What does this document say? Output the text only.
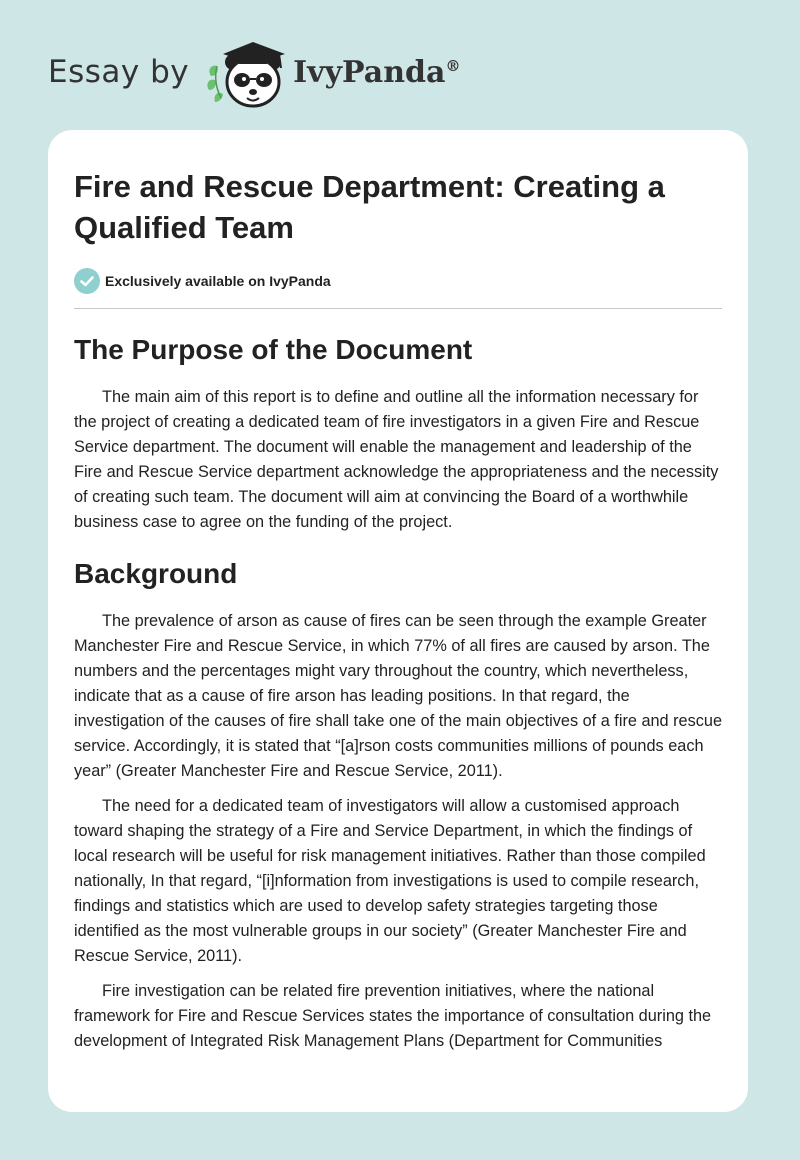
Essay by	IvyPanda®
Fire and Rescue Department: Creating a Qualified Team
Exclusively available on IvyPanda
The Purpose of the Document

The main aim of this report is to define and outline all the information necessary for the project of creating a dedicated team of fire investigators in a given Fire and Rescue Service department. The document will enable the management and leadership of the Fire and Rescue Service department acknowledge the appropriateness and the necessity of creating such team. The document will aim at convincing the Board of a worthwhile business case to agree on the funding of the project.

Background

The prevalence of arson as cause of fires can be seen through the example Greater Manchester Fire and Rescue Service, in which 77% of all fires are caused by arson. The numbers and the percentages might vary throughout the country, which nevertheless, indicate that as a cause of fire arson has leading positions. In that regard, the investigation of the causes of fire shall take one of the main objectives of a fire and rescue service. Accordingly, it is stated that “[a]rson costs communities millions of pounds each year” (Greater Manchester Fire and Rescue Service, 2011).

The need for a dedicated team of investigators will allow a customised approach toward shaping the strategy of a Fire and Service Department, in which the findings of local research will be useful for risk management initiatives. Rather than those compiled nationally, In that regard, “[i]nformation from investigations is used to compile research, findings and statistics which are used to develop safety strategies targeting those identified as the most vulnerable groups in our society” (Greater Manchester Fire and Rescue Service, 2011).

Fire investigation can be related fire prevention initiatives, where the national framework for Fire and Rescue Services states the importance of consultation during the development of Integrated Risk Management Plans (Department for Communities
